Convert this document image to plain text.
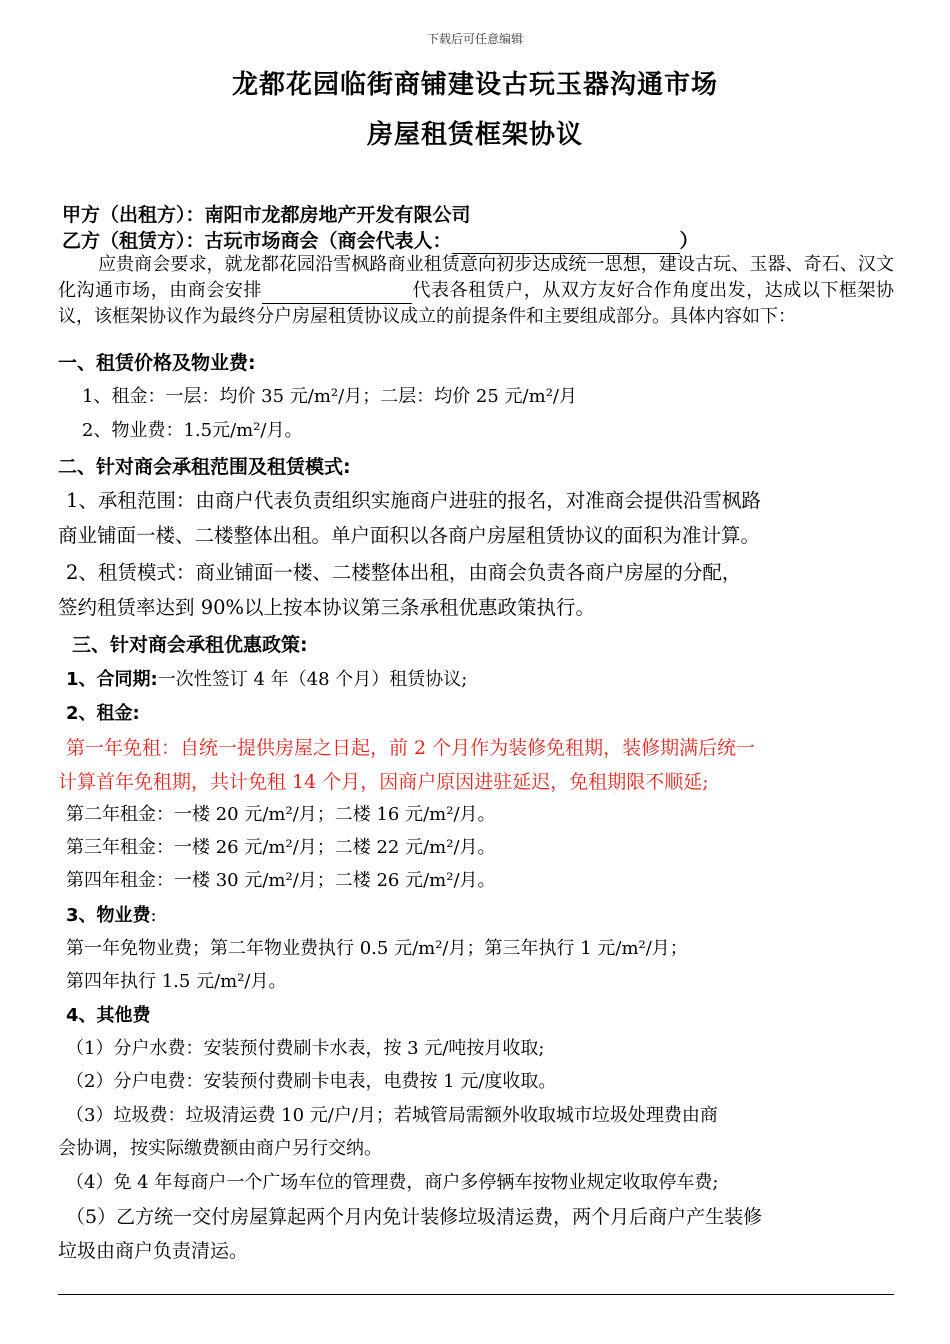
下载后可任意编辑
龙都花园临街商铺建设古玩玉器沟通市场
房屋租赁框架协议
甲方（出租方）：南阳市龙都房地产开发有限公司
乙方（租赁方）：古玩市场商会（商会代表人：	）
应贵商会要求，就龙都花园沿雪枫路商业租赁意向初步达成统一思想，建设古玩、玉器、奇石、汉文化沟通市场，由商会安排	代表各租赁户，从双方友好合作角度出发，达成以下框架协议，该框架协议作为最终分户房屋租赁协议成立的前提条件和主要组成部分。具体内容如下：
一、租赁价格及物业费:
1、租金：一层：均价 35 元/m²/月；二层：均价 25 元/m²/月
2、物业费：1.5元/m²/月。
二、针对商会承租范围及租赁模式:
1、承租范围：由商户代表负责组织实施商户进驻的报名，对准商会提供沿雪枫路
商业铺面一楼、二楼整体出租。单户面积以各商户房屋租赁协议的面积为准计算。
2、租赁模式：商业铺面一楼、二楼整体出租，由商会负责各商户房屋的分配，
签约租赁率达到 90%以上按本协议第三条承租优惠政策执行。
三、针对商会承租优惠政策:
1、合同期:一次性签订 4 年（48 个月）租赁协议;
2、租金:
第一年免租：自统一提供房屋之日起，前 2 个月作为装修免租期，装修期满后统一
计算首年免租期，共计免租 14 个月，因商户原因进驻延迟，免租期限不顺延;
第二年租金：一楼 20 元/m²/月；二楼 16 元/m²/月。
第三年租金：一楼 26 元/m²/月；二楼 22 元/m²/月。
第四年租金：一楼 30 元/m²/月；二楼 26 元/m²/月。
3、物业费:
第一年免物业费；第二年物业费执行 0.5 元/m²/月；第三年执行 1 元/m²/月；
第四年执行 1.5 元/m²/月。
4、其他费
（1）分户水费：安装预付费刷卡水表，按 3 元/吨按月收取;
（2）分户电费：安装预付费刷卡电表，电费按 1 元/度收取。
（3）垃圾费：垃圾清运费 10 元/户/月；若城管局需额外收取城市垃圾处理费由商
会协调，按实际缴费额由商户另行交纳。
（4）免 4 年每商户一个广场车位的管理费，商户多停辆车按物业规定收取停车费;
（5）乙方统一交付房屋算起两个月内免计装修垃圾清运费，两个月后商户产生装修
垃圾由商户负责清运。
